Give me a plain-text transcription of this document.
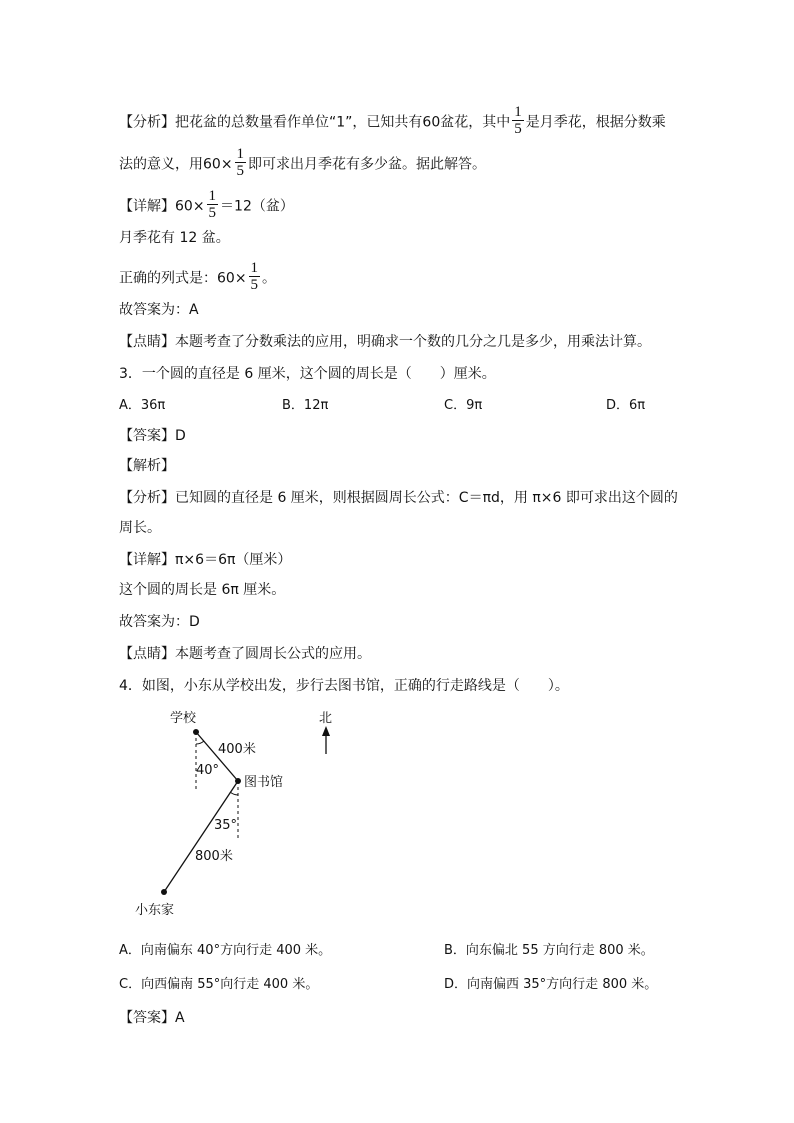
【分析】把花盆的总数量看作单位“1”，已知共有60盆花，其中 $\frac{1}{5}$ 是月季花，根据分数乘
法的意义，用$60\times \frac{1}{5}$ 即可求出月季花有多少盆。据此解答。
【详解】$60\times \frac{1}{5} =12$（盆）
月季花有 12 盆。
正确的列式是：$60\times \frac{1}{5}$ 。
故答案为：A
【点睛】本题考查了分数乘法的应用，明确求一个数的几分之几是多少，用乘法计算。
3．一个圆的直径是 6 厘米，这个圆的周长是（　　）厘米。
A．36π	B．12π	C．9π	D．6π
【答案】D
【解析】
【分析】已知圆的直径是 6 厘米，则根据圆周长公式：C＝πd，用 π×6 即可求出这个圆的
周长。
【详解】π×6＝6π（厘米）
这个圆的周长是 6π 厘米。
故答案为：D
【点睛】本题考查了圆周长公式的应用。
4．如图，小东从学校出发，步行去图书馆，正确的行走路线是（　　）。
北
学校
图书馆
小东家
400米
800米
40°
35°
A．向南偏东 40°方向行走 400 米。	B．向东偏北 55 方向行走 800 米。
C．向西偏南 55°向行走 400 米。	D．向南偏西 35°方向行走 800 米。
【答案】A
